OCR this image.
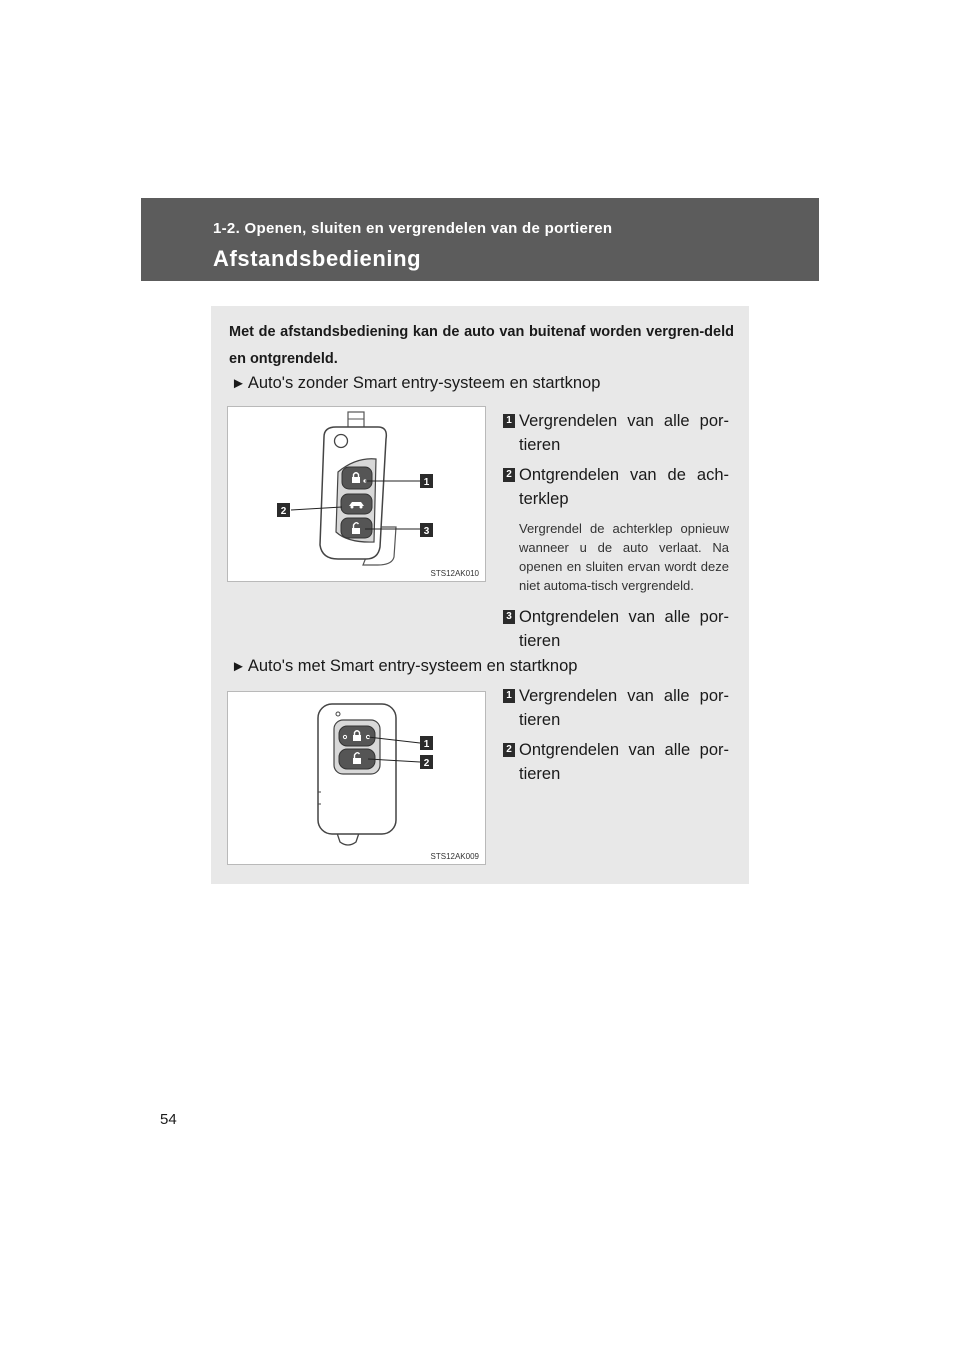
1-2. Openen, sluiten en vergrendelen van de portieren
Afstandsbediening
Met de afstandsbediening kan de auto van buitenaf worden vergren-deld en ontgrendeld.
► Auto's zonder Smart entry-systeem en startknop
1
2
3
STS12AK010
1 Vergrendelen van alle por-tieren
2 Ontgrendelen van de ach-terklep
Vergrendel de achterklep opnieuw wanneer u de auto verlaat. Na openen en sluiten ervan wordt deze niet automa-tisch vergrendeld.
3 Ontgrendelen van alle por-tieren
► Auto's met Smart entry-systeem en startknop
1
2
STS12AK009
1 Vergrendelen van alle por-tieren
2 Ontgrendelen van alle por-tieren
54
